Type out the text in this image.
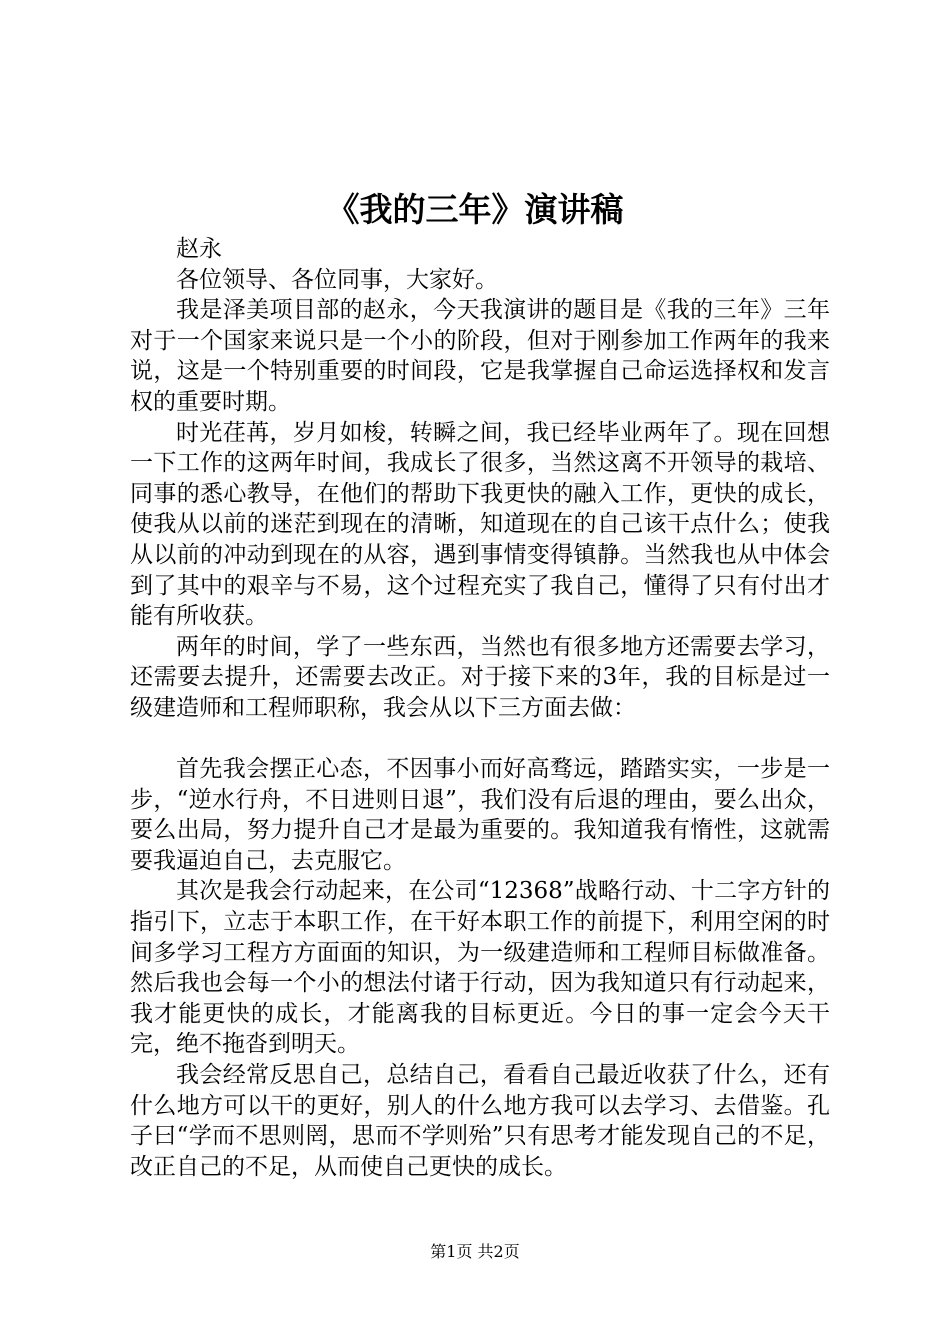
《我的三年》演讲稿

赵永

各位领导、各位同事，大家好。

我是泽美项目部的赵永，今天我演讲的题目是《我的三年》三年对于一个国家来说只是一个小的阶段，但对于刚参加工作两年的我来说，这是一个特别重要的时间段，它是我掌握自己命运选择权和发言权的重要时期。

时光荏苒，岁月如梭，转瞬之间，我已经毕业两年了。现在回想一下工作的这两年时间，我成长了很多，当然这离不开领导的栽培、同事的悉心教导，在他们的帮助下我更快的融入工作，更快的成长，使我从以前的迷茫到现在的清晰，知道现在的自己该干点什么；使我从以前的冲动到现在的从容，遇到事情变得镇静。当然我也从中体会到了其中的艰辛与不易，这个过程充实了我自己，懂得了只有付出才能有所收获。

两年的时间，学了一些东西，当然也有很多地方还需要去学习，还需要去提升，还需要去改正。对于接下来的3年，我的目标是过一级建造师和工程师职称，我会从以下三方面去做：

首先我会摆正心态，不因事小而好高骛远，踏踏实实，一步是一步，“逆水行舟，不日进则日退”，我们没有后退的理由，要么出众，要么出局，努力提升自己才是最为重要的。我知道我有惰性，这就需要我逼迫自己，去克服它。

其次是我会行动起来，在公司“12368”战略行动、十二字方针的指引下，立志于本职工作，在干好本职工作的前提下，利用空闲的时间多学习工程方方面面的知识，为一级建造师和工程师目标做准备。然后我也会每一个小的想法付诸于行动，因为我知道只有行动起来，我才能更快的成长，才能离我的目标更近。今日的事一定会今天干完，绝不拖沓到明天。

我会经常反思自己，总结自己，看看自己最近收获了什么，还有什么地方可以干的更好，别人的什么地方我可以去学习、去借鉴。孔子曰“学而不思则罔，思而不学则殆”只有思考才能发现自己的不足，改正自己的不足，从而使自己更快的成长。

第1页 共2页
